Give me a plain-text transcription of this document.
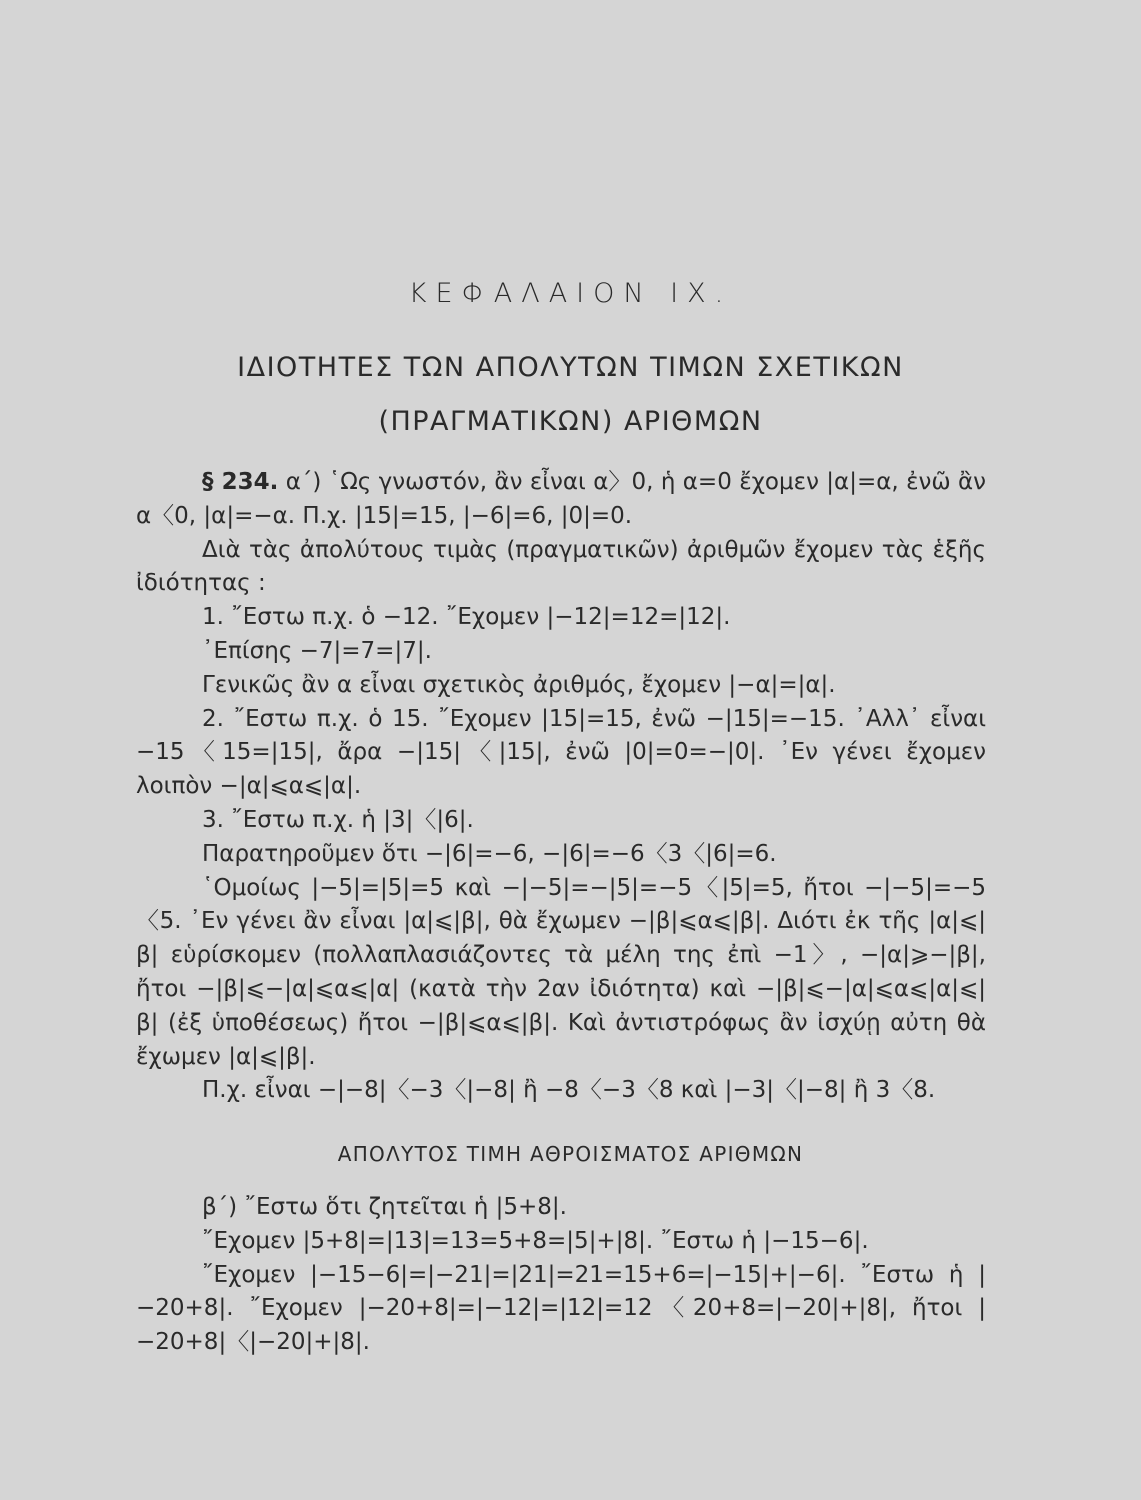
ΚΕΦΑΛΑΙΟΝ ΙΧ.
ΙΔΙΟΤΗΤΕΣ ΤΩΝ ΑΠΟΛΥΤΩΝ ΤΙΜΩΝ ΣΧΕΤΙΚΩΝ
(ΠΡΑΓΜΑΤΙΚΩΝ) ΑΡΙΘΜΩΝ

§ 234. α΄) ῾Ως γνωστόν, ἂν εἶναι α〉0, ἡ α=0 ἔχομεν |α|=α, ἐνῶ ἂν α〈0, |α|=−α. Π.χ. |15|=15, |−6|=6, |0|=0.

Διὰ τὰς ἀπολύτους τιμὰς (πραγματικῶν) ἀριθμῶν ἔχομεν τὰς ἑξῆς ἰδιότητας :

1. ῎Εστω π.χ. ὁ −12. ῎Εχομεν |−12|=12=|12|.

᾿Επίσης −7|=7=|7|.

Γενικῶς ἂν α εἶναι σχετικὸς ἀριθμός, ἔχομεν |−α|=|α|.

2. ῎Εστω π.χ. ὁ 15. ῎Εχομεν |15|=15, ἐνῶ −|15|=−15. ᾿Αλλ᾿ εἶναι −15〈15=|15|, ἄρα −|15|〈|15|, ἐνῶ |0|=0=−|0|. ᾿Εν γένει ἔχομεν λοιπὸν −|α|⩽α⩽|α|.

3. ῎Εστω π.χ. ἡ |3|〈|6|.

Παρατηροῦμεν ὅτι −|6|=−6, −|6|=−6〈3〈|6|=6.

῾Ομοίως |−5|=|5|=5 καὶ −|−5|=−|5|=−5〈|5|=5, ἤτοι −|−5|=−5〈5. ᾿Εν γένει ἂν εἶναι |α|⩽|β|, θὰ ἔχωμεν −|β|⩽α⩽|β|. Διότι ἐκ τῆς |α|⩽|β| εὑρίσκομεν (πολλαπλασιάζοντες τὰ μέλη της ἐπὶ −1〉, −|α|⩾−|β|, ἤτοι −|β|⩽−|α|⩽α⩽|α| (κατὰ τὴν 2αν ἰδιότητα) καὶ −|β|⩽−|α|⩽α⩽|α|⩽|β| (ἐξ ὑποθέσεως) ἤτοι −|β|⩽α⩽|β|. Καὶ ἀντιστρόφως ἂν ἰσχύῃ αὐτη θὰ ἔχωμεν |α|⩽|β|.

Π.χ. εἶναι −|−8|〈−3〈|−8| ἢ −8〈−3〈8 καὶ |−3|〈|−8| ἢ 3〈8.

ΑΠΟΛΥΤΟΣ ΤΙΜΗ ΑΘΡΟΙΣΜΑΤΟΣ ΑΡΙΘΜΩΝ

β΄) ῎Εστω ὅτι ζητεῖται ἡ |5+8|.

῎Εχομεν |5+8|=|13|=13=5+8=|5|+|8|. ῎Εστω ἡ |−15−6|.

῎Εχομεν |−15−6|=|−21|=|21|=21=15+6=|−15|+|−6|. ῎Εστω ἡ |−20+8|. ῎Εχομεν |−20+8|=|−12|=|12|=12〈20+8=|−20|+|8|, ἤτοι |−20+8|〈|−20|+|8|.
